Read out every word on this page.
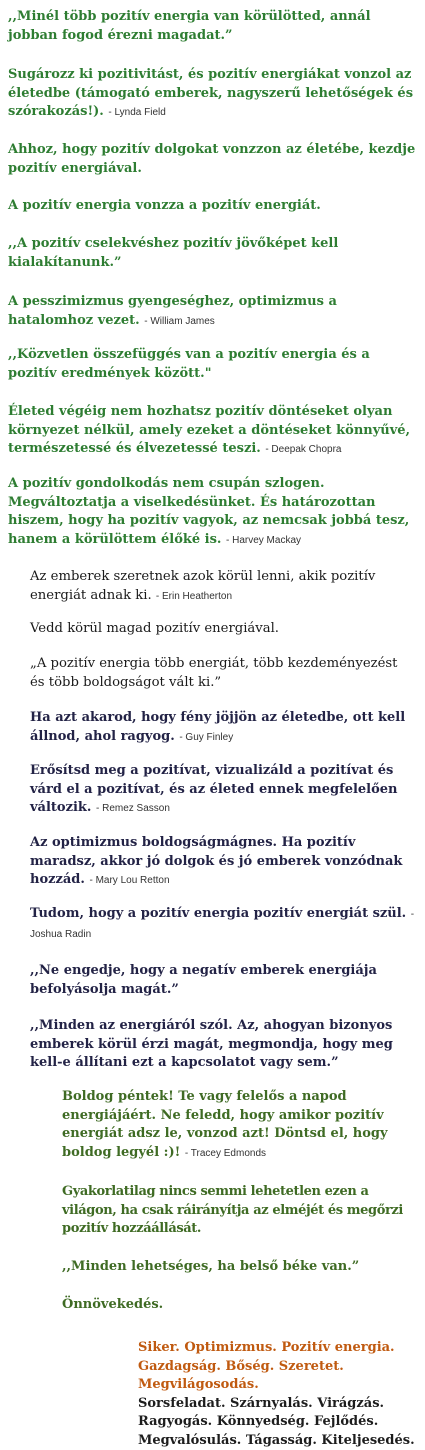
,,Minél több pozitív energia van körülötted, annál jobban fogod érezni magadat.”

Sugározz ki pozitivitást, és pozitív energiákat vonzol az életedbe (támogató emberek, nagyszerű lehetőségek és szórakozás!). - Lynda Field

Ahhoz, hogy pozitív dolgokat vonzzon az életébe, kezdje pozitív energiával.

A pozitív energia vonzza a pozitív energiát.

,,A pozitív cselekvéshez pozitív jövőképet kell kialakítanunk.”

A pesszimizmus gyengeséghez, optimizmus a hatalomhoz vezet. - William James

,,Közvetlen összefüggés van a pozitív energia és a pozitív eredmények között."

Életed végéig nem hozhatsz pozitív döntéseket olyan környezet nélkül, amely ezeket a döntéseket könnyűvé, természetessé és élvezetessé teszi. - Deepak Chopra

A pozitív gondolkodás nem csupán szlogen. Megváltoztatja a viselkedésünket. És határozottan hiszem, hogy ha pozitív vagyok, az nemcsak jobbá tesz, hanem a körülöttem élőké is. - Harvey Mackay

Az emberek szeretnek azok körül lenni, akik pozitív energiát adnak ki. - Erin Heatherton

Vedd körül magad pozitív energiával.

„A pozitív energia több energiát, több kezdeményezést és több boldogságot vált ki.”

Ha azt akarod, hogy fény jöjjön az életedbe, ott kell állnod, ahol ragyog. - Guy Finley

Erősítsd meg a pozitívat, vizualizáld a pozitívat és várd el a pozitívat, és az életed ennek megfelelően változik. - Remez Sasson

Az optimizmus boldogságmágnes. Ha pozitív maradsz, akkor jó dolgok és jó emberek vonzódnak hozzád. - Mary Lou Retton

Tudom, hogy a pozitív energia pozitív energiát szül. - Joshua Radin

,,Ne engedje, hogy a negatív emberek energiája befolyásolja magát.”

,,Minden az energiáról szól. Az, ahogyan bizonyos emberek körül érzi magát, megmondja, hogy meg kell-e állítani ezt a kapcsolatot vagy sem.”

Boldog péntek! Te vagy felelős a napod energiájáért. Ne feledd, hogy amikor pozitív energiát adsz le, vonzod azt! Döntsd el, hogy boldog legyél :)! - Tracey Edmonds

Gyakorlatilag nincs semmi lehetetlen ezen a világon, ha csak ráirányítja az elméjét és megőrzi pozitív hozzáállását.

,,Minden lehetséges, ha belső béke van.”

Önnövekedés.

Siker. Optimizmus. Pozitív energia.
Gazdagság. Bőség. Szeretet.
Megvilágosodás.
Sorsfeladat. Szárnyalás. Virágzás.
Ragyogás. Könnyedség. Fejlődés.
Megvalósulás. Tágasság. Kiteljesedés.
